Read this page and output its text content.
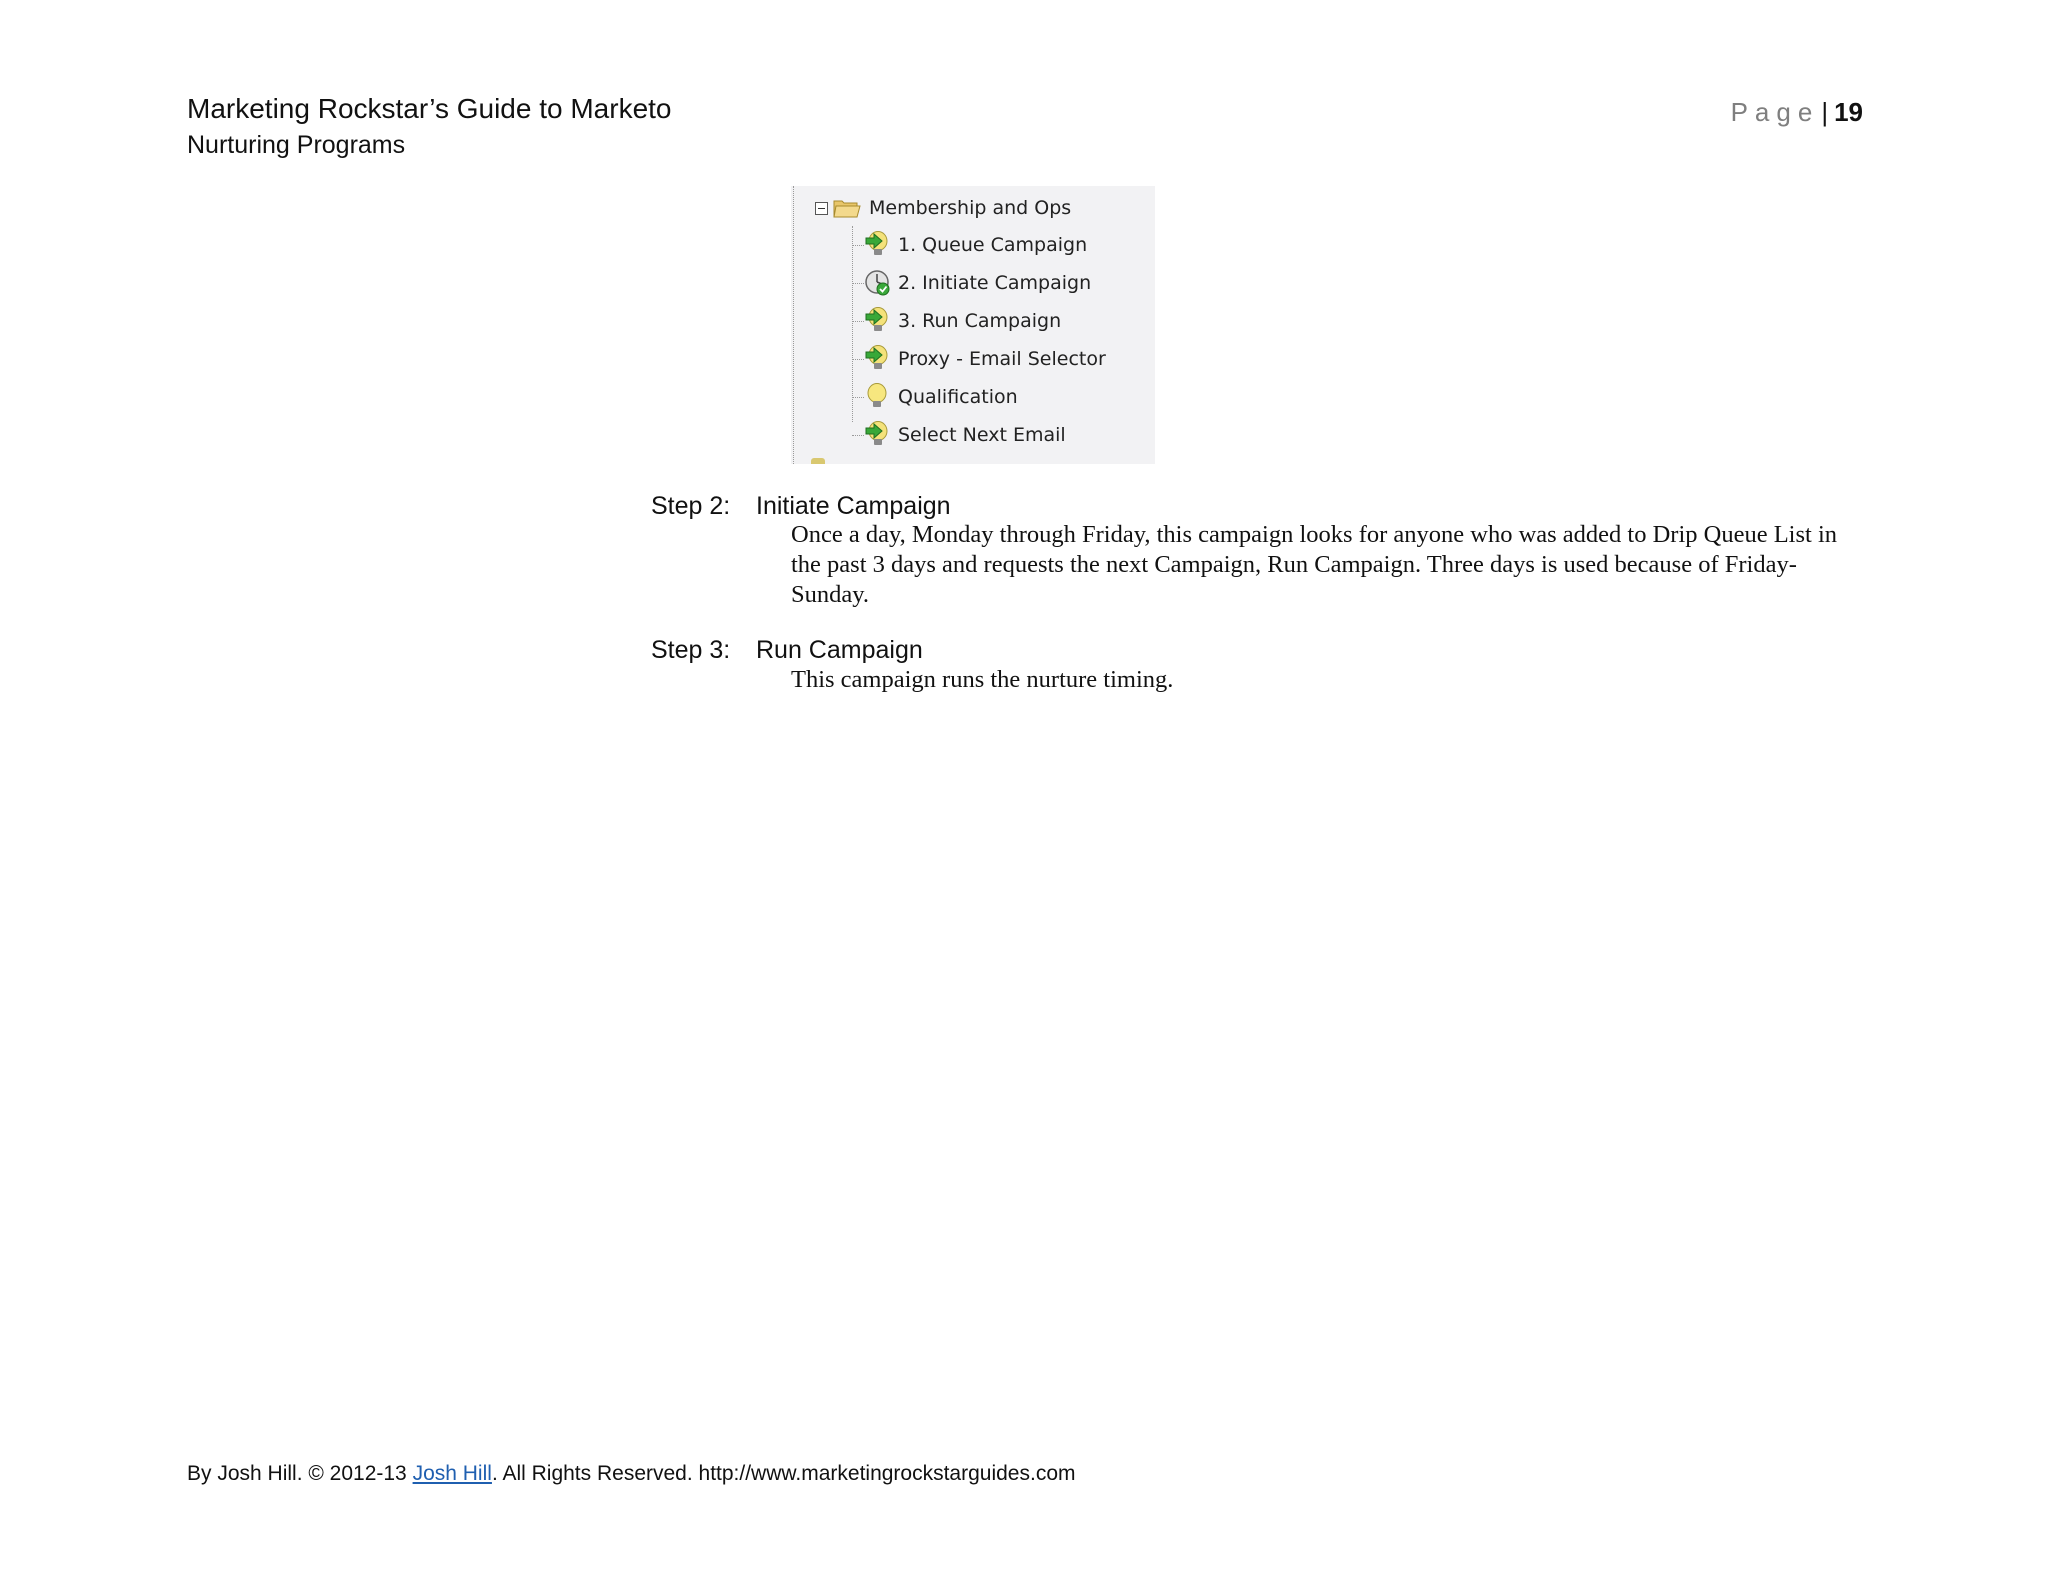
Marketing Rockstar’s Guide to Marketo
Nurturing Programs
Page| 19
Membership and Ops
1. Queue Campaign
2. Initiate Campaign
3. Run Campaign
Proxy - Email Selector
Qualification
Select Next Email
Step 2: Initiate Campaign
Once a day, Monday through Friday, this campaign looks for anyone who was added to Drip Queue List in the past 3 days and requests the next Campaign, Run Campaign. Three days is used because of Friday-Sunday.
Step 3: Run Campaign
This campaign runs the nurture timing.
By Josh Hill. © 2012-13 Josh Hill. All Rights Reserved. http://www.marketingrockstarguides.com
